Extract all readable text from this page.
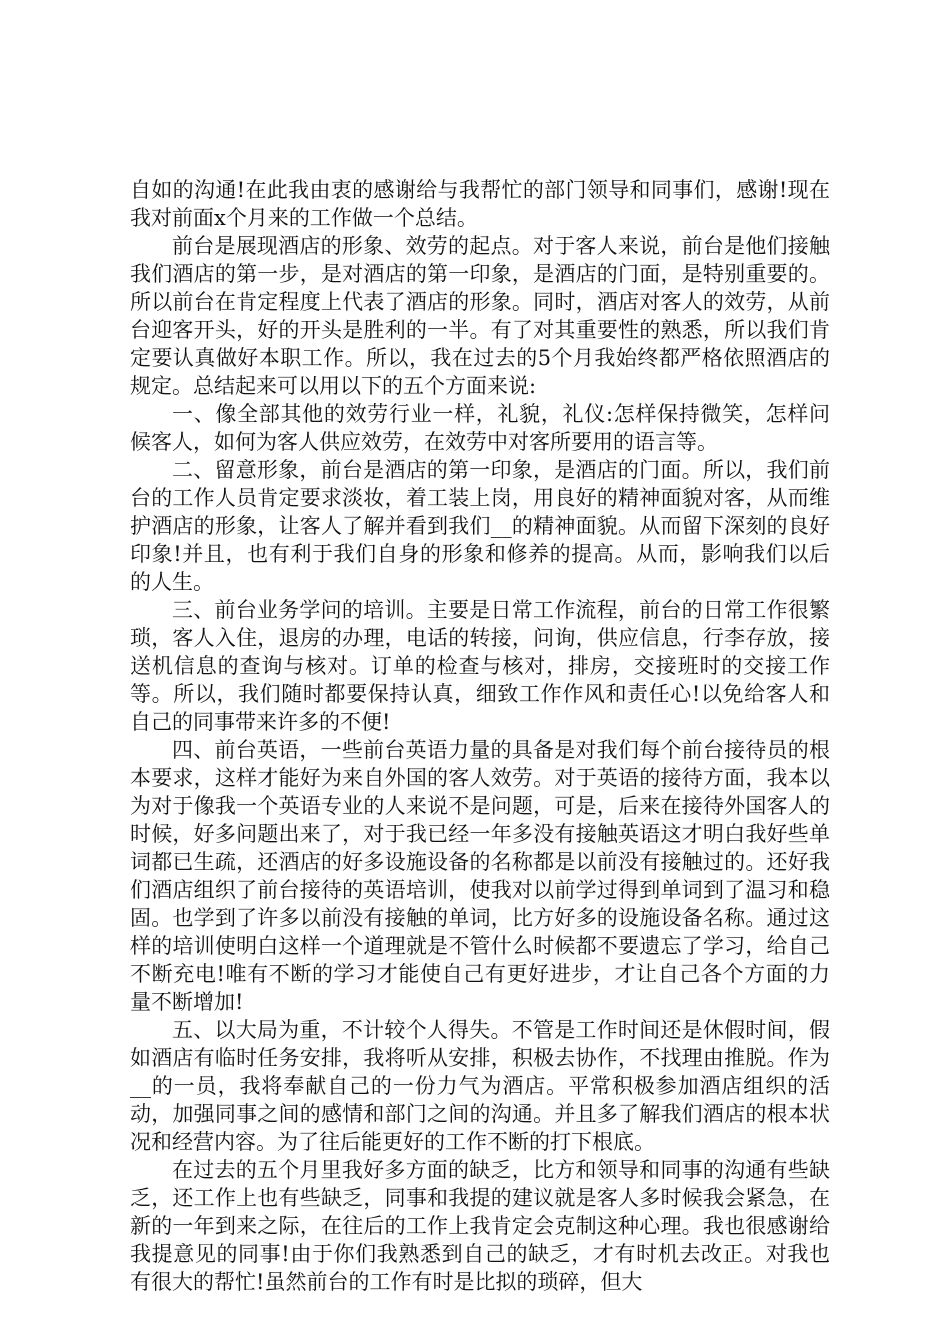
自如的沟通!在此我由衷的感谢给与我帮忙的部门领导和同事们，感谢!现在我对前面x个月来的工作做一个总结。

前台是展现酒店的形象、效劳的起点。对于客人来说，前台是他们接触我们酒店的第一步，是对酒店的第一印象，是酒店的门面，是特别重要的。所以前台在肯定程度上代表了酒店的形象。同时，酒店对客人的效劳，从前台迎客开头，好的开头是胜利的一半。有了对其重要性的熟悉，所以我们肯定要认真做好本职工作。所以，我在过去的5个月我始终都严格依照酒店的规定。总结起来可以用以下的五个方面来说:

一、像全部其他的效劳行业一样，礼貌，礼仪:怎样保持微笑，怎样问候客人，如何为客人供应效劳，在效劳中对客所要用的语言等。

二、留意形象，前台是酒店的第一印象，是酒店的门面。所以，我们前台的工作人员肯定要求淡妆，着工装上岗，用良好的精神面貌对客，从而维护酒店的形象，让客人了解并看到我们__的精神面貌。从而留下深刻的良好印象!并且，也有利于我们自身的形象和修养的提高。从而，影响我们以后的人生。

三、前台业务学问的培训。主要是日常工作流程，前台的日常工作很繁琐，客人入住，退房的办理，电话的转接，问询，供应信息，行李存放，接送机信息的查询与核对。订单的检查与核对，排房，交接班时的交接工作等。所以，我们随时都要保持认真，细致工作作风和责任心!以免给客人和自己的同事带来许多的不便!

四、前台英语，一些前台英语力量的具备是对我们每个前台接待员的根本要求，这样才能好为来自外国的客人效劳。对于英语的接待方面，我本以为对于像我一个英语专业的人来说不是问题，可是，后来在接待外国客人的时候，好多问题出来了，对于我已经一年多没有接触英语这才明白我好些单词都已生疏，还酒店的好多设施设备的名称都是以前没有接触过的。还好我们酒店组织了前台接待的英语培训，使我对以前学过得到单词到了温习和稳固。也学到了许多以前没有接触的单词，比方好多的设施设备名称。通过这样的培训使明白这样一个道理就是不管什么时候都不要遗忘了学习，给自己不断充电!唯有不断的学习才能使自己有更好进步，才让自己各个方面的力量不断增加!

五、以大局为重，不计较个人得失。不管是工作时间还是休假时间，假如酒店有临时任务安排，我将听从安排，积极去协作，不找理由推脱。作为__的一员，我将奉献自己的一份力气为酒店。平常积极参加酒店组织的活动，加强同事之间的感情和部门之间的沟通。并且多了解我们酒店的根本状况和经营内容。为了往后能更好的工作不断的打下根底。

在过去的五个月里我好多方面的缺乏，比方和领导和同事的沟通有些缺乏，还工作上也有些缺乏，同事和我提的建议就是客人多时候我会紧急，在新的一年到来之际，在往后的工作上我肯定会克制这种心理。我也很感谢给我提意见的同事!由于你们我熟悉到自己的缺乏，才有时机去改正。对我也有很大的帮忙!虽然前台的工作有时是比拟的琐碎，但大
